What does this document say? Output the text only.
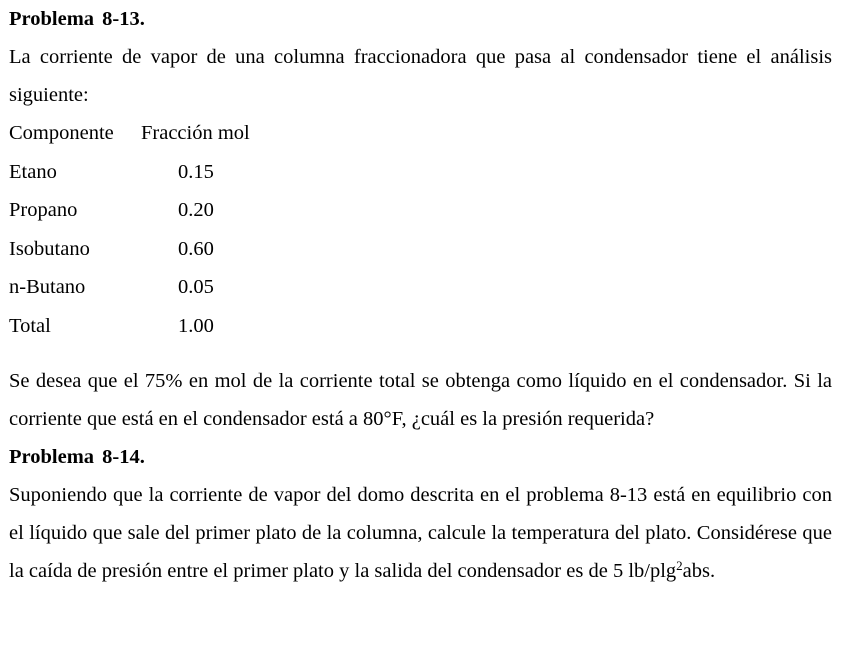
Problema 8-13.

La corriente de vapor de una columna fraccionadora que pasa al condensador tiene el análisis siguiente:

Componente	Fracción mol
Etano	0.15
Propano	0.20
Isobutano	0.60
n-Butano	0.05
Total	1.00

Se desea que el 75% en mol de la corriente total se obtenga como líquido en el condensador. Si la corriente que está en el condensador está a 80°F, ¿cuál es la presión requerida?

Problema 8-14.

Suponiendo que la corriente de vapor del domo descrita en el problema 8-13 está en equilibrio con el líquido que sale del primer plato de la columna, calcule la temperatura del plato. Considérese que la caída de presión entre el primer plato y la salida del condensador es de 5 lb/plg$^2$abs.
